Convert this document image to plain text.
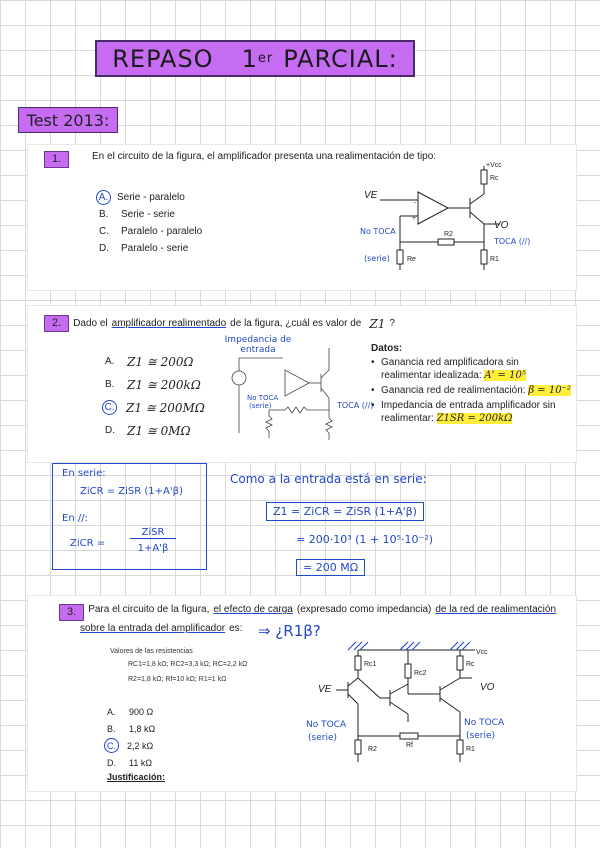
REPASO 1 er PARCIAL:
Test 2013:
1.	En el circuito de la figura, el amplificador presenta una realimentación de tipo:
A. Serie - paralelo
B.	Serie - serie
C.	Paralelo - paralelo
D.	Paralelo - serie
-
+
+Vcc
Rc
VE
VO
R2
Re	R1
No TOCA
(serie)
TOCA (//)
2.	Dado el amplificador realimentado de la figura, ¿cuál es valor de Z1 ?
A.	Z1 ≅ 200Ω
B.	Z1 ≅ 200kΩ
C. Z1 ≅ 200MΩ
D.	Z1 ≅ 0MΩ
Impedancia de entrada
No TOCA
(serie)	TOCA (//)
Datos:
• Ganancia red amplificadora sin realimentar idealizada: A' = 10⁵
• Ganancia red de realimentación: β = 10⁻²
• Impedancia de entrada amplificador sin realimentar: Z1SR = 200kΩ
En serie:
ZiCR = ZiSR (1+A'β)
En //:
ZiCR =
ZiSR
1+A'β
Como a la entrada está en serie:
Z1 = ZiCR = ZiSR (1+A'β)
= 200·10³ (1 + 10⁵·10⁻²)
= 200 MΩ
3.	Para el circuito de la figura, el efecto de carga (expresado como impedancia) de la red de realimentación
sobre la entrada del amplificador es: ⇒ ¿R1β?
Valores de las resistencias
RC1=1,8 kΩ; RC2=3,3 kΩ; RC=2,2 kΩ
R2=1,8 kΩ; Rf=10 kΩ; R1=1 kΩ
A.	900 Ω
B.	1,8 kΩ
C.	2,2 kΩ
D.	11 kΩ
Justificación:
Vcc
Rc1
Rc2
Rc
VE	VO
R2
Rf
R1
No TOCA
(serie)
No TOCA
(serie)
